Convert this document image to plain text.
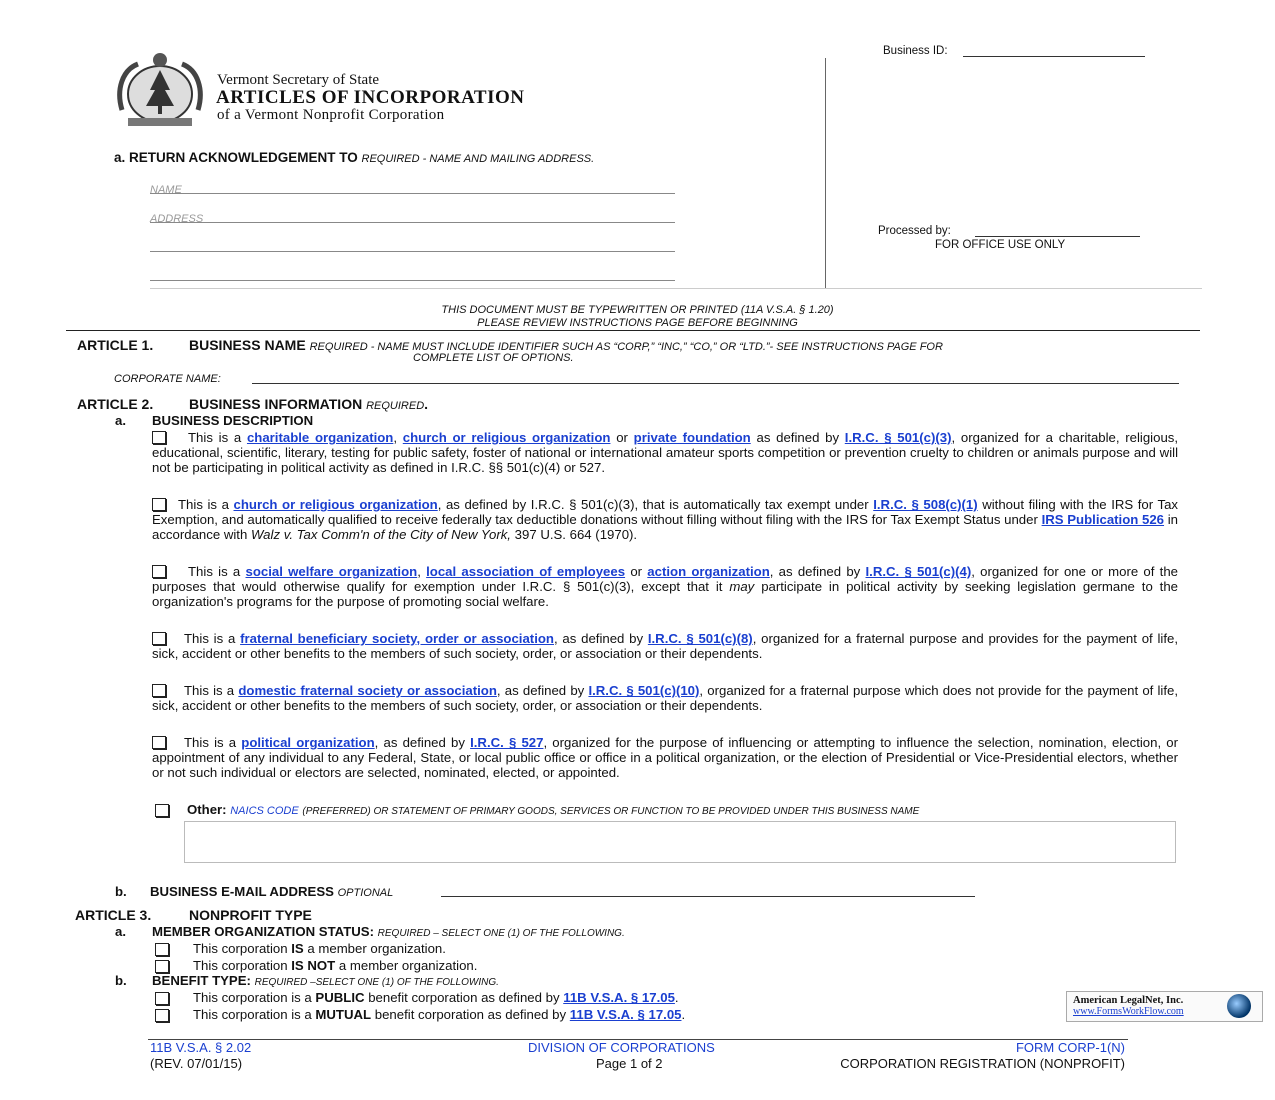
Business ID:
Vermont Secretary of State
ARTICLES OF INCORPORATION
of a Vermont Nonprofit Corporation
Processed by:
FOR OFFICE USE ONLY
a. RETURN ACKNOWLEDGEMENT TO REQUIRED - NAME AND MAILING ADDRESS.
NAME
ADDRESS
THIS DOCUMENT MUST BE TYPEWRITTEN OR PRINTED (11A V.S.A. § 1.20)
PLEASE REVIEW INSTRUCTIONS PAGE BEFORE BEGINNING
ARTICLE 1.	BUSINESS NAME REQUIRED - NAME MUST INCLUDE IDENTIFIER SUCH AS “CORP,” “INC,” “CO,” OR “LTD.”- SEE INSTRUCTIONS PAGE FOR
COMPLETE LIST OF OPTIONS.
CORPORATE NAME:
ARTICLE 2.	BUSINESS INFORMATION REQUIRED.
a. BUSINESS DESCRIPTION
This is a charitable organization, church or religious organization or private foundation as defined by I.R.C. § 501(c)(3), organized for a charitable, religious, educational, scientific, literary, testing for public safety, foster of national or international amateur sports competition or prevention cruelty to children or animals purpose and will not be participating in political activity as defined in I.R.C. §§ 501(c)(4) or 527.
This is a church or religious organization, as defined by I.R.C. § 501(c)(3), that is automatically tax exempt under I.R.C. § 508(c)(1) without filing with the IRS for Tax Exemption, and automatically qualified to receive federally tax deductible donations without filling without filing with the IRS for Tax Exempt Status under IRS Publication 526 in accordance with Walz v. Tax Comm'n of the City of New York, 397 U.S. 664 (1970).
This is a social welfare organization, local association of employees or action organization, as defined by I.R.C. § 501(c)(4), organized for one or more of the purposes that would otherwise qualify for exemption under I.R.C. § 501(c)(3), except that it may participate in political activity by seeking legislation germane to the organization's programs for the purpose of promoting social welfare.
This is a fraternal beneficiary society, order or association, as defined by I.R.C. § 501(c)(8), organized for a fraternal purpose and provides for the payment of life, sick, accident or other benefits to the members of such society, order, or association or their dependents.
This is a domestic fraternal society or association, as defined by I.R.C. § 501(c)(10), organized for a fraternal purpose which does not provide for the payment of life, sick, accident or other benefits to the members of such society, order, or association or their dependents.
This is a political organization, as defined by I.R.C. § 527, organized for the purpose of influencing or attempting to influence the selection, nomination, election, or appointment of any individual to any Federal, State, or local public office or office in a political organization, or the election of Presidential or Vice-Presidential electors, whether or not such individual or electors are selected, nominated, elected, or appointed.
Other: NAICS CODE (PREFERRED) OR STATEMENT OF PRIMARY GOODS, SERVICES OR FUNCTION TO BE PROVIDED UNDER THIS BUSINESS NAME
b. BUSINESS E-MAIL ADDRESS OPTIONAL
ARTICLE 3.	NONPROFIT TYPE
a. MEMBER ORGANIZATION STATUS: REQUIRED – SELECT ONE (1) OF THE FOLLOWING.
This corporation IS a member organization.
This corporation IS NOT a member organization.
b. BENEFIT TYPE: REQUIRED –SELECT ONE (1) OF THE FOLLOWING.
This corporation is a PUBLIC benefit corporation as defined by 11B V.S.A. § 17.05.
This corporation is a MUTUAL benefit corporation as defined by 11B V.S.A. § 17.05.
American LegalNet, Inc.
www.FormsWorkFlow.com
11B V.S.A. § 2.02	DIVISION OF CORPORATIONS	FORM CORP-1(N)
(REV. 07/01/15)	Page 1 of 2	CORPORATION REGISTRATION (NONPROFIT)
